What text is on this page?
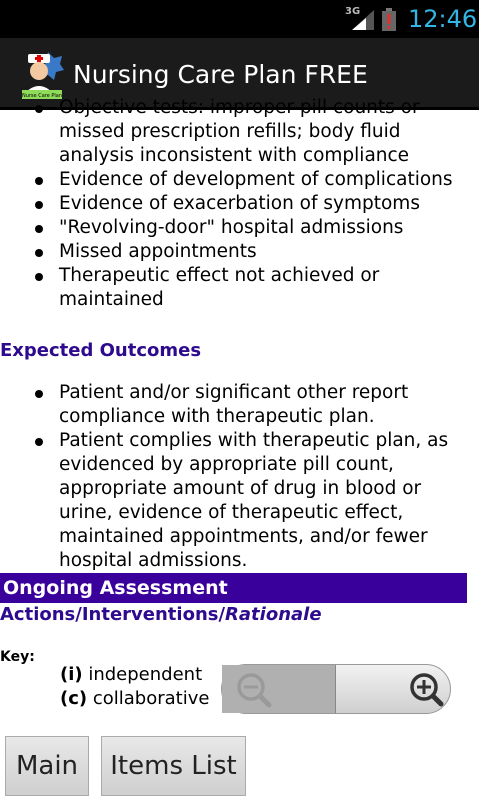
3G 12:46
Nurse Care Plan
Nursing Care Plan FREE
Objective tests: improper pill counts or missed prescription refills; body fluid analysis inconsistent with compliance
Evidence of development of complications
Evidence of exacerbation of symptoms
"Revolving-door" hospital admissions
Missed appointments
Therapeutic effect not achieved or maintained
Expected Outcomes
Patient and/or significant other report compliance with therapeutic plan.
Patient complies with therapeutic plan, as evidenced by appropriate pill count, appropriate amount of drug in blood or urine, evidence of therapeutic effect, maintained appointments, and/or fewer hospital admissions.
Ongoing Assessment
Actions/Interventions/Rationale
Key:
(i) independent
(c) collaborative
Main	Items List
